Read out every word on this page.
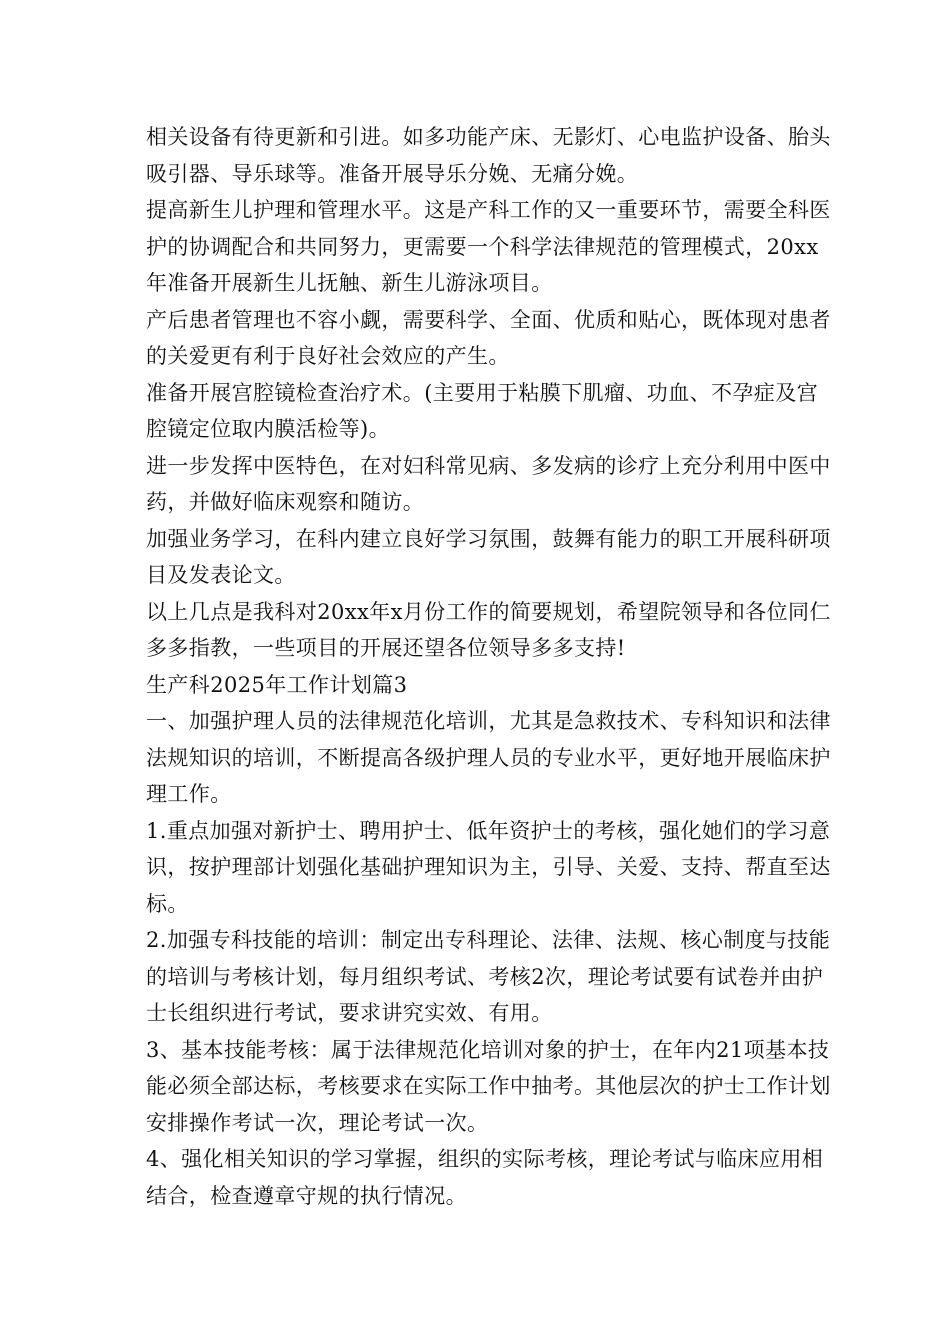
相关设备有待更新和引进。如多功能产床、无影灯、心电监护设备、胎头吸引器、导乐球等。准备开展导乐分娩、无痛分娩。

提高新生儿护理和管理水平。这是产科工作的又一重要环节，需要全科医护的协调配合和共同努力，更需要一个科学法律规范的管理模式，20xx年准备开展新生儿抚触、新生儿游泳项目。

产后患者管理也不容小觑，需要科学、全面、优质和贴心，既体现对患者的关爱更有利于良好社会效应的产生。

准备开展宫腔镜检查治疗术。(主要用于粘膜下肌瘤、功血、不孕症及宫腔镜定位取内膜活检等)。

进一步发挥中医特色，在对妇科常见病、多发病的诊疗上充分利用中医中药，并做好临床观察和随访。

加强业务学习，在科内建立良好学习氛围，鼓舞有能力的职工开展科研项目及发表论文。

以上几点是我科对20xx年x月份工作的简要规划，希望院领导和各位同仁多多指教，一些项目的开展还望各位领导多多支持!

生产科2025年工作计划篇3

一、加强护理人员的法律规范化培训，尤其是急救技术、专科知识和法律法规知识的培训，不断提高各级护理人员的专业水平，更好地开展临床护理工作。

1.重点加强对新护士、聘用护士、低年资护士的考核，强化她们的学习意识，按护理部计划强化基础护理知识为主，引导、关爱、支持、帮直至达标。

2.加强专科技能的培训：制定出专科理论、法律、法规、核心制度与技能的培训与考核计划，每月组织考试、考核2次，理论考试要有试卷并由护士长组织进行考试，要求讲究实效、有用。

3、基本技能考核：属于法律规范化培训对象的护士，在年内21项基本技能必须全部达标，考核要求在实际工作中抽考。其他层次的护士工作计划安排操作考试一次，理论考试一次。

4、强化相关知识的学习掌握，组织的实际考核，理论考试与临床应用相结合，检查遵章守规的执行情况。
